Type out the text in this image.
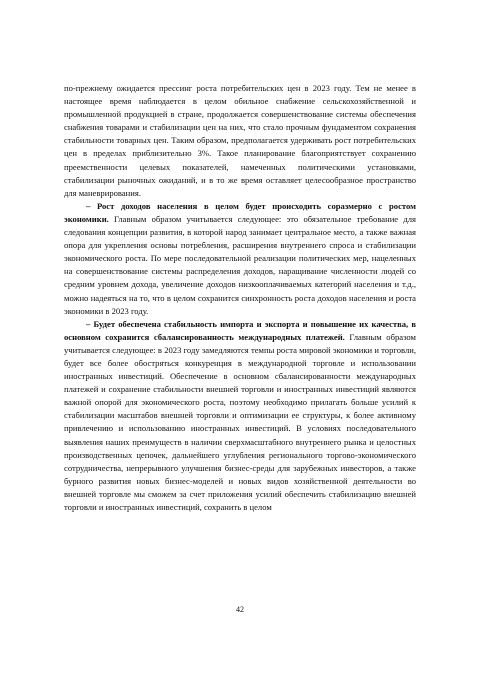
по-прежнему ожидается прессинг роста потребительских цен в 2023 году. Тем не менее в настоящее время наблюдается в целом обильное снабжение сельскохозяйственной и промышленной продукцией в стране, продолжается совершенствование системы обеспечения снабжения товарами и стабилизации цен на них, что стало прочным фундаментом сохранения стабильности товарных цен. Таким образом, предполагается удерживать рост потребительских цен в пределах приблизительно 3%. Такое планирование благоприятствует сохранению преемственности целевых показателей, намеченных политическими установками, стабилизации рыночных ожиданий, и в то же время оставляет целесообразное пространство для маневрирования.

– Рост доходов населения в целом будет происходить соразмерно с ростом экономики. Главным образом учитывается следующее: это обязательное требование для следования концепции развития, в которой народ занимает центральное место, а также важная опора для укрепления основы потребления, расширения внутреннего спроса и стабилизации экономического роста. По мере последовательной реализации политических мер, нацеленных на совершенствование системы распределения доходов, наращивание численности людей со средним уровнем дохода, увеличение доходов низкооплачиваемых категорий населения и т.д., можно надеяться на то, что в целом сохранится синхронность роста доходов населения и роста экономики в 2023 году.

– Будет обеспечена стабильность импорта и экспорта и повышение их качества, в основном сохранится сбалансированность международных платежей. Главным образом учитывается следующее: в 2023 году замедляются темпы роста мировой экономики и торговли, будет все более обостряться конкуренция в международной торговле и использовании иностранных инвестиций. Обеспечение в основном сбалансированности международных платежей и сохранение стабильности внешней торговли и иностранных инвестиций являются важной опорой для экономического роста, поэтому необходимо прилагать больше усилий к стабилизации масштабов внешней торговли и оптимизации ее структуры, к более активному привлечению и использованию иностранных инвестиций. В условиях последовательного выявления наших преимуществ в наличии сверхмасштабного внутреннего рынка и целостных производственных цепочек, дальнейшего углубления регионального торгово-экономического сотрудничества, непрерывного улучшения бизнес-среды для зарубежных инвесторов, а также бурного развития новых бизнес-моделей и новых видов хозяйственной деятельности во внешней торговле мы сможем за счет приложения усилий обеспечить стабилизацию внешней торговли и иностранных инвестиций, сохранить в целом

42
